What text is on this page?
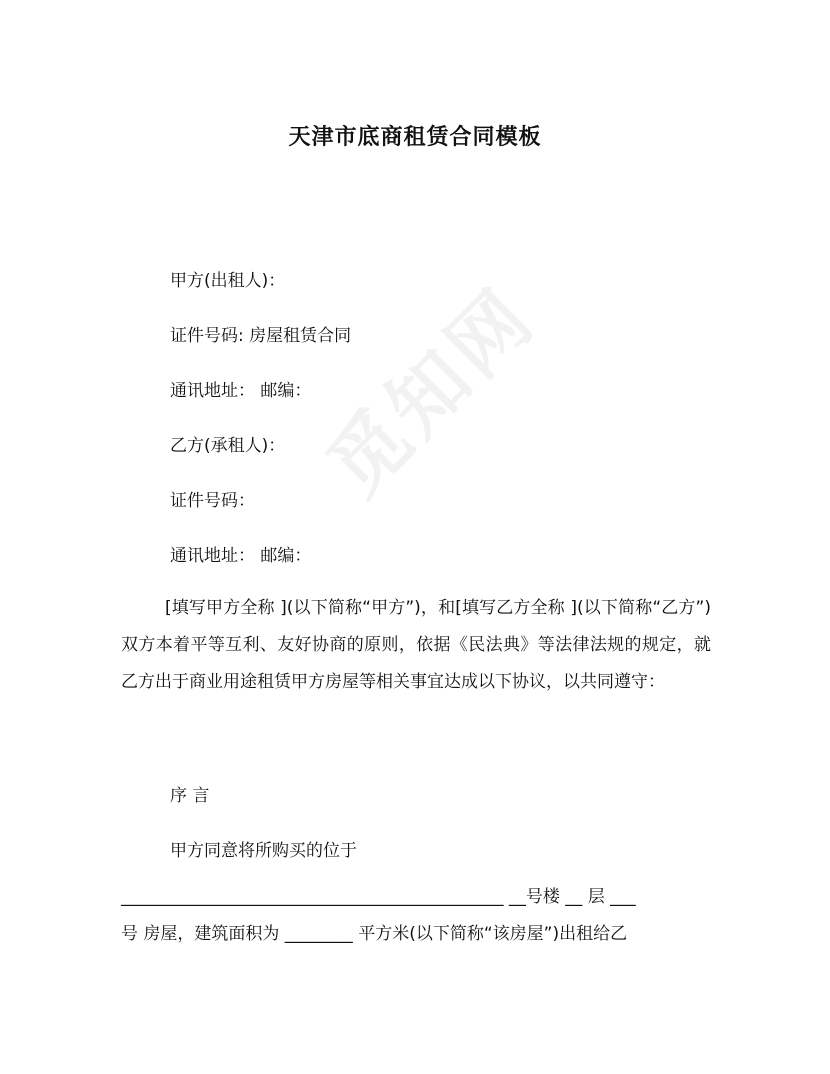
觅知网
天津市底商租赁合同模板
甲方(出租人)：
证件号码: 房屋租赁合同
通讯地址： 邮编：
乙方(承租人)：
证件号码：
通讯地址： 邮编：
[填写甲方全称 ](以下简称“甲方”)，和[填写乙方全称 ](以下简称“乙方”)双方本着平等互利、友好协商的原则，依据《民法典》等法律法规的规定，就乙方出于商业用途租赁甲方房屋等相关事宜达成以下协议，以共同遵守：
序 言
甲方同意将所购买的位于
_____________________________________________ __号楼 __ 层 ___
号 房屋，建筑面积为 ________ 平方米(以下简称“该房屋”)出租给乙
